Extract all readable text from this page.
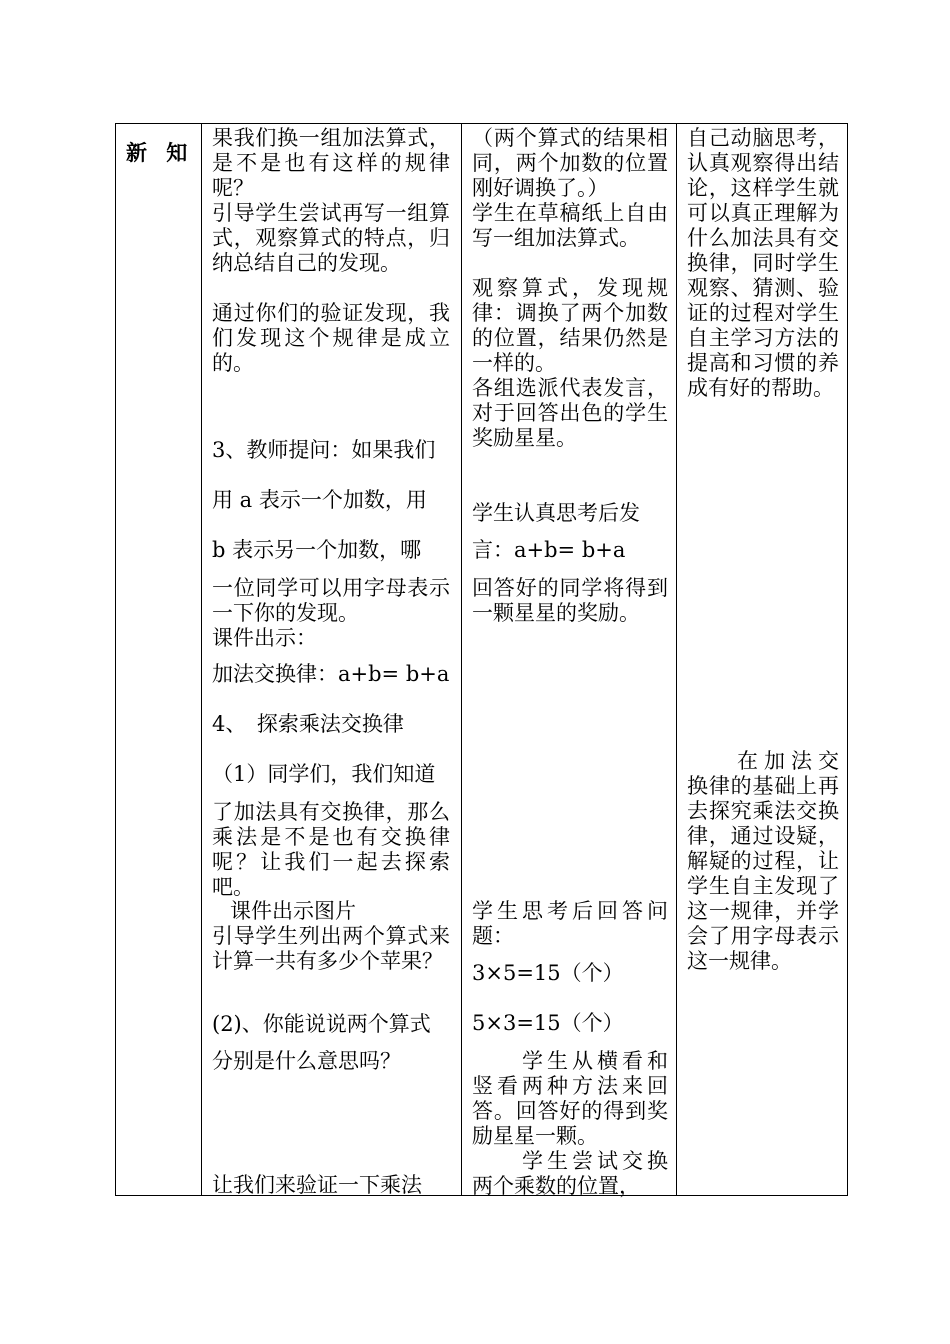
新 知

果我们换一组加法算式，是不是也有这样的规律呢？

引导学生尝试再写一组算式，观察算式的特点，归纳总结自己的发现。

通过你们的验证发现，我们发现这个规律是成立的。

3、教师提问：如果我们

用 a 表示一个加数，用

b 表示另一个加数，哪

一位同学可以用字母表示一下你的发现。

课件出示：

加法交换律：a+b= b+a

4、　探索乘法交换律

（1）同学们，我们知道

了加法具有交换律，那么乘法是不是也有交换律呢？让我们一起去探索吧。

课件出示图片

引导学生列出两个算式来计算一共有多少个苹果？

(2)、你能说说两个算式

分别是什么意思吗？

让我们来验证一下乘法

（两个算式的结果相同，两个加数的位置刚好调换了。）

学生在草稿纸上自由写一组加法算式。

观察算式，发现规律：调换了两个加数的位置，结果仍然是一样的。

各组选派代表发言，对于回答出色的学生奖励星星。

学生认真思考后发

言：a+b= b+a

回答好的同学将得到一颗星星的奖励。

学生思考后回答问题：

3×5=15（个）

5×3=15（个）

学生从横看和竖看两种方法来回答。回答好的得到奖励星星一颗。

学生尝试交换两个乘数的位置，

自己动脑思考，认真观察得出结论，这样学生就可以真正理解为什么加法具有交换律，同时学生观察、猜测、验证的过程对学生自主学习方法的提高和习惯的养成有好的帮助。

在加法交换律的基础上再去探究乘法交换律，通过设疑，解疑的过程，让学生自主发现了这一规律，并学会了用字母表示这一规律。
